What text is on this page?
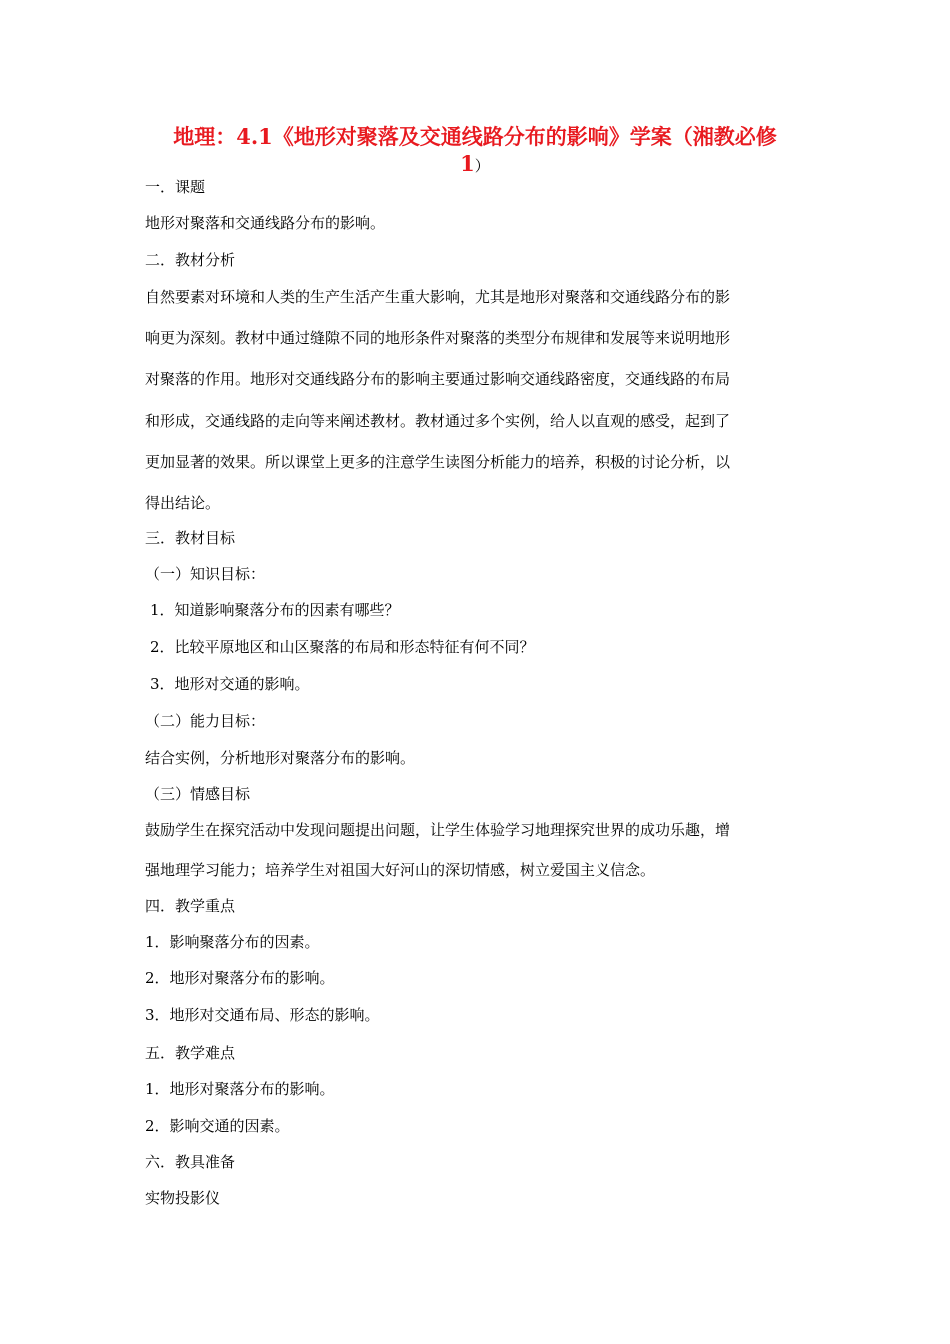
地理：4.1《地形对聚落及交通线路分布的影响》学案（湘教必修
1）
一．课题
地形对聚落和交通线路分布的影响。
二．教材分析
自然要素对环境和人类的生产生活产生重大影响，尤其是地形对聚落和交通线路分布的影
响更为深刻。教材中通过缝隙不同的地形条件对聚落的类型分布规律和发展等来说明地形
对聚落的作用。地形对交通线路分布的影响主要通过影响交通线路密度，交通线路的布局
和形成，交通线路的走向等来阐述教材。教材通过多个实例，给人以直观的感受，起到了
更加显著的效果。所以课堂上更多的注意学生读图分析能力的培养，积极的讨论分析，以
得出结论。
三．教材目标
（一）知识目标：
1．知道影响聚落分布的因素有哪些？
2．比较平原地区和山区聚落的布局和形态特征有何不同？
3．地形对交通的影响。
（二）能力目标：
结合实例，分析地形对聚落分布的影响。
（三）情感目标
鼓励学生在探究活动中发现问题提出问题，让学生体验学习地理探究世界的成功乐趣，增
强地理学习能力；培养学生对祖国大好河山的深切情感，树立爱国主义信念。
四．教学重点
1．影响聚落分布的因素。
2．地形对聚落分布的影响。
3．地形对交通布局、形态的影响。
五．教学难点
1．地形对聚落分布的影响。
2．影响交通的因素。
六．教具准备
实物投影仪
